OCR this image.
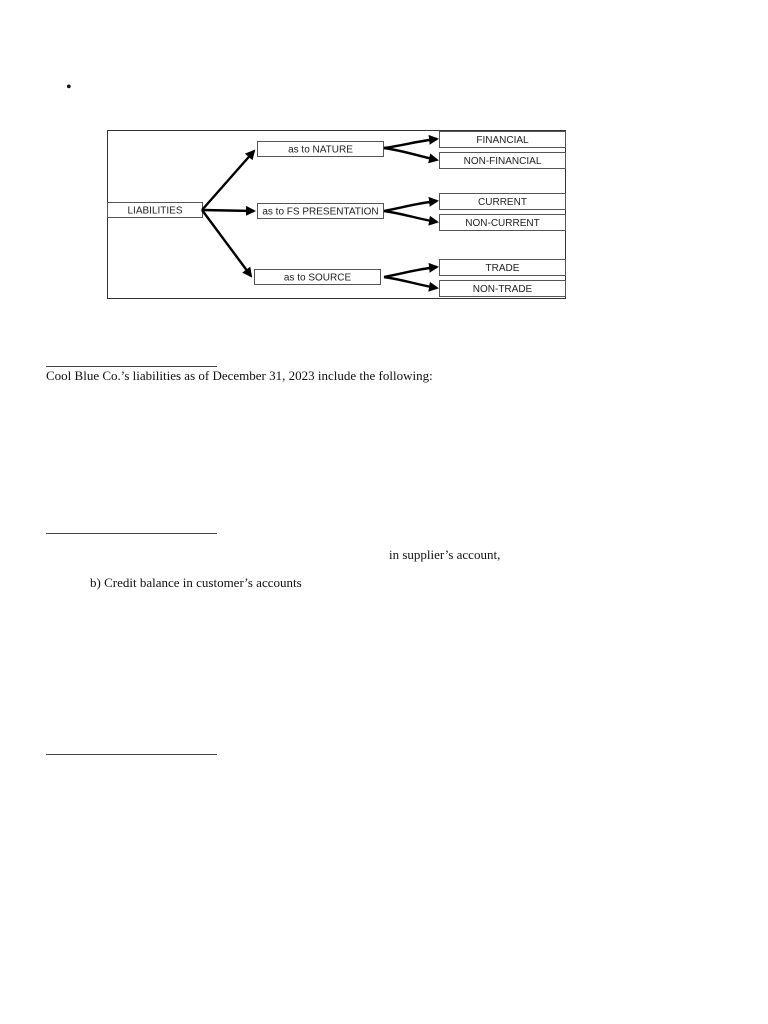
•
LIABILITIES
as to NATURE
FINANCIAL
NON-FINANCIAL
as to FS PRESENTATION
CURRENT
NON-CURRENT
as to SOURCE
TRADE
NON-TRADE
Cool Blue Co.’s liabilities as of December 31, 2023 include the following:
in supplier’s account,
b) Credit balance in customer’s accounts
